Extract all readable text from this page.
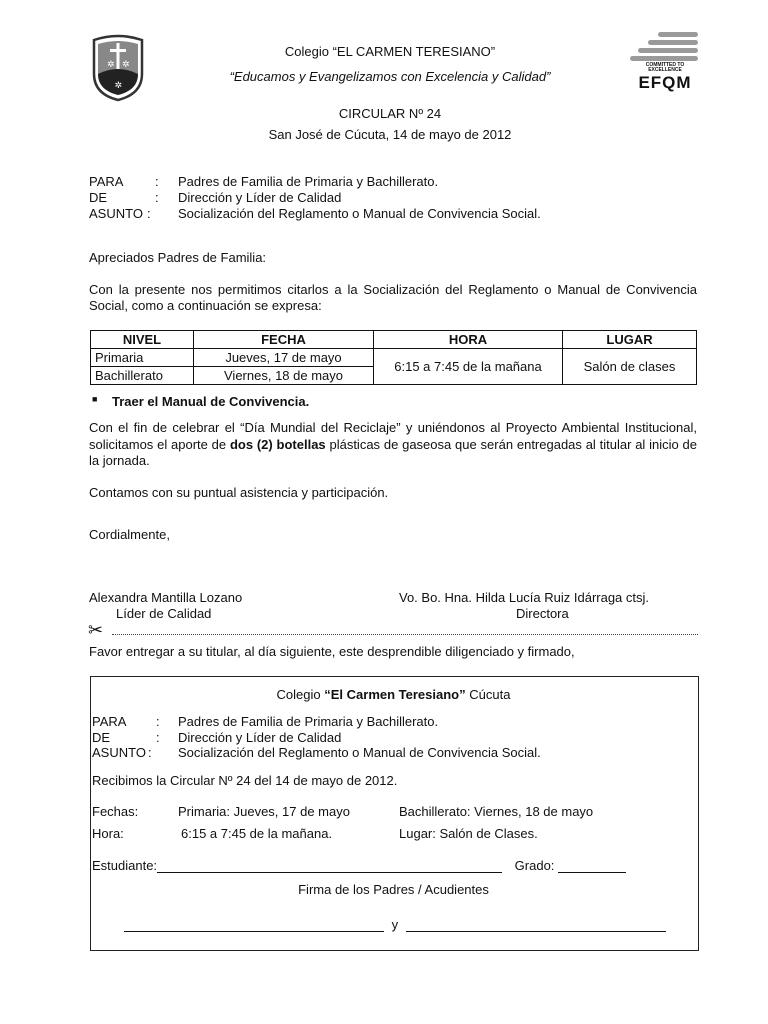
✲ ✲
✲
COMMITTED TO EXCELLENCE
EFQM
Colegio “EL CARMEN TERESIANO”
“Educamos y Evangelizamos con Excelencia y Calidad”
CIRCULAR Nº 24
San José de Cúcuta, 14 de mayo de 2012
PARA : Padres de Familia de Primaria y Bachillerato.
DE	: Dirección y Líder de Calidad
ASUNTO : Socialización del Reglamento o Manual de Convivencia Social.
Apreciados Padres de Familia:
Con la presente nos permitimos citarlos a la Socialización del Reglamento o Manual de Convivencia Social, como a continuación se expresa:
NIVEL	FECHA	HORA	LUGAR
Primaria	Jueves, 17 de mayo	6:15 a 7:45 de la mañana	Salón de clases
Bachillerato	Viernes, 18 de mayo		
■ Traer el Manual de Convivencia.
Con el fin de celebrar el “Día Mundial del Reciclaje” y uniéndonos al Proyecto Ambiental Institucional, solicitamos el aporte de dos (2) botellas plásticas de gaseosa que serán entregadas al titular al inicio de la jornada.
Contamos con su puntual asistencia y participación.
Cordialmente,
Alexandra Mantilla Lozano
Líder de Calidad
Vo. Bo. Hna. Hilda Lucía Ruiz Idárraga ctsj.
Directora
✂
Favor entregar a su titular, al día siguiente, este desprendible diligenciado y firmado,
Colegio “El Carmen Teresiano” Cúcuta
PARA : Padres de Familia de Primaria y Bachillerato.
DE	: Dirección y Líder de Calidad
ASUNTO : Socialización del Reglamento o Manual de Convivencia Social.
Recibimos la Circular Nº 24 del 14 de mayo de 2012.
Fechas:	Primaria: Jueves, 17 de mayo	Bachillerato: Viernes, 18 de mayo
Hora:	6:15 a 7:45 de la mañana.	Lugar: Salón de Clases.
Estudiante:	Grado:
Firma de los Padres / Acudientes
y
